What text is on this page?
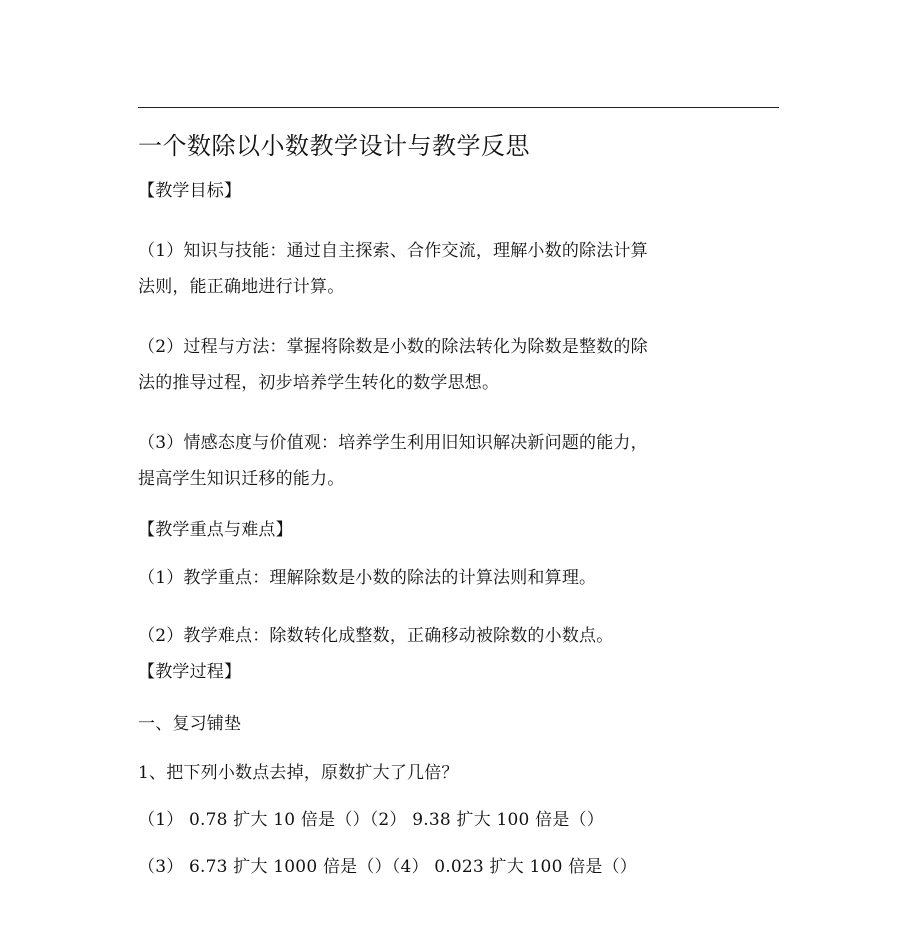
一个数除以小数教学设计与教学反思
【教学目标】
（1）知识与技能：通过自主探索、合作交流，理解小数的除法计算
法则，能正确地进行计算。
（2）过程与方法：掌握将除数是小数的除法转化为除数是整数的除
法的推导过程，初步培养学生转化的数学思想。
（3）情感态度与价值观：培养学生利用旧知识解决新问题的能力，
提高学生知识迁移的能力。
【教学重点与难点】
（1）教学重点：理解除数是小数的除法的计算法则和算理。
（2）教学难点：除数转化成整数，正确移动被除数的小数点。
【教学过程】
一、复习铺垫
1、把下列小数点去掉，原数扩大了几倍？
（1） 0.78 扩大 10 倍是（）（2） 9.38 扩大 100 倍是（）
（3） 6.73 扩大 1000 倍是（）（4） 0.023 扩大 100 倍是（）
